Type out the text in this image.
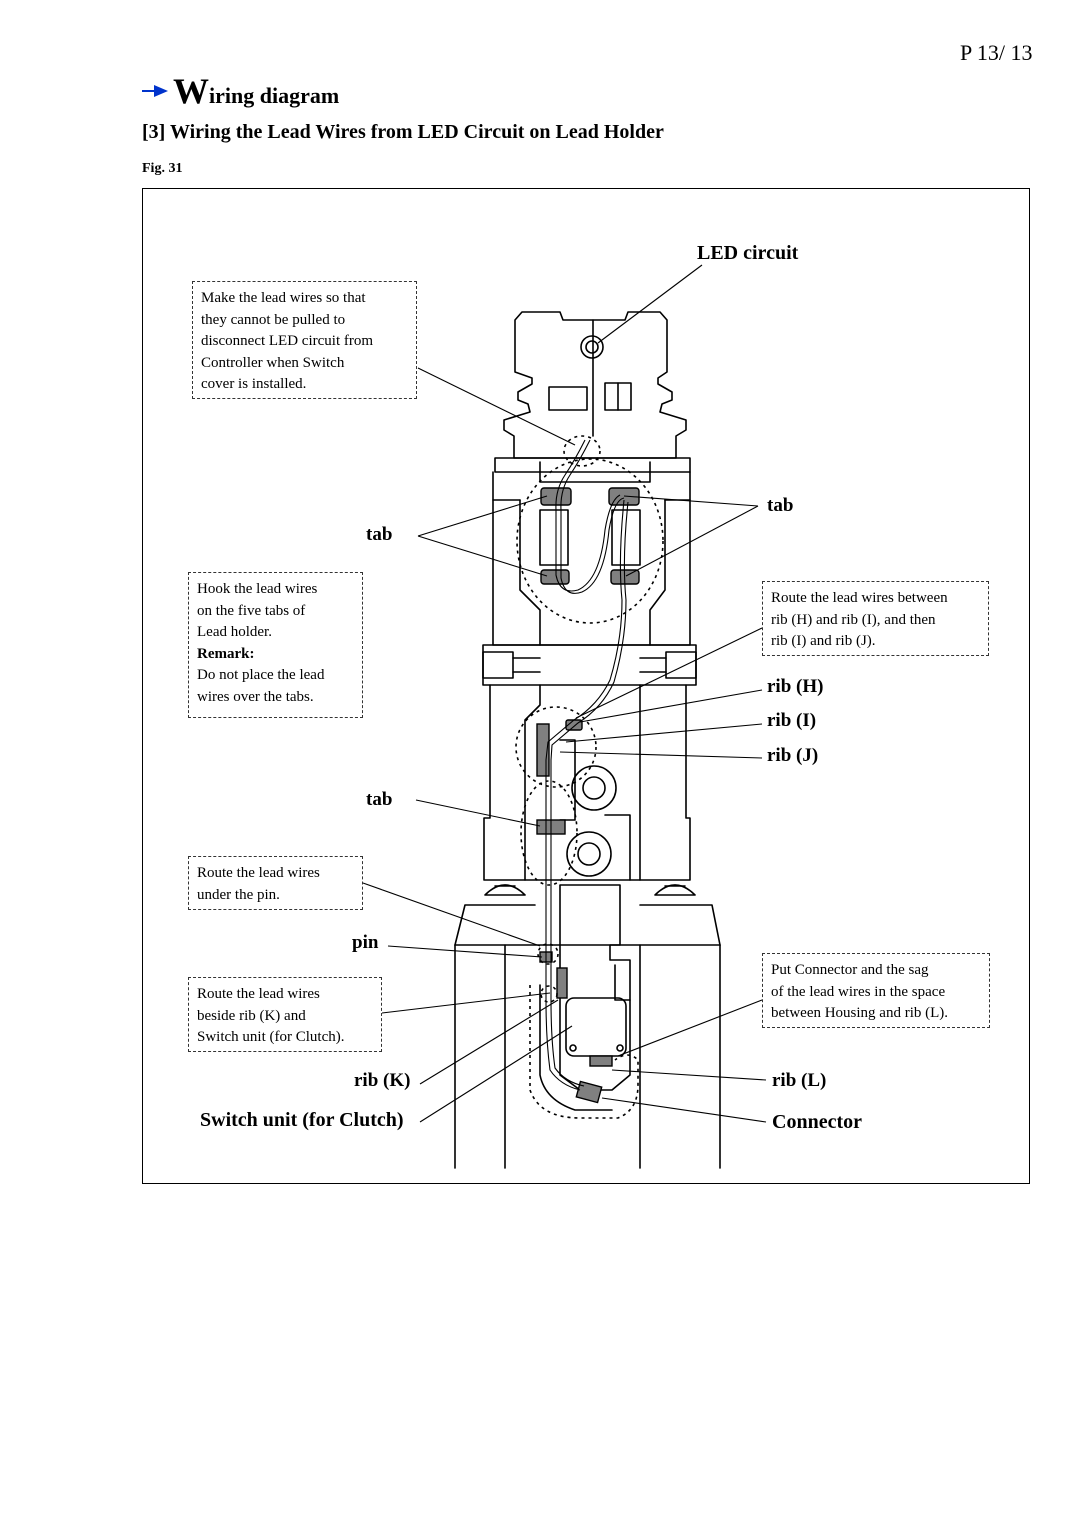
P 13/ 13
Wiring diagram
[3] Wiring the Lead Wires from LED Circuit on Lead Holder
Fig. 31
Make the lead wires so that
they cannot be pulled to
disconnect LED circuit from
Controller when Switch
cover is installed.
Hook the lead wires
on the five tabs of
Lead holder.
Remark:
Do not place the lead
wires over the tabs.
Route the lead wires between
rib (H) and rib (I), and then
rib (I) and rib (J).
Route the lead wires
under the pin.
Route the lead wires
beside rib (K) and
Switch unit (for Clutch).
Put Connector and the sag
of the lead wires in the space
between Housing and rib (L).
LED circuit
tab
tab
rib (H)
rib (I)
rib (J)
tab
pin
rib (K)	rib (L)
Switch unit (for Clutch)	Connector
